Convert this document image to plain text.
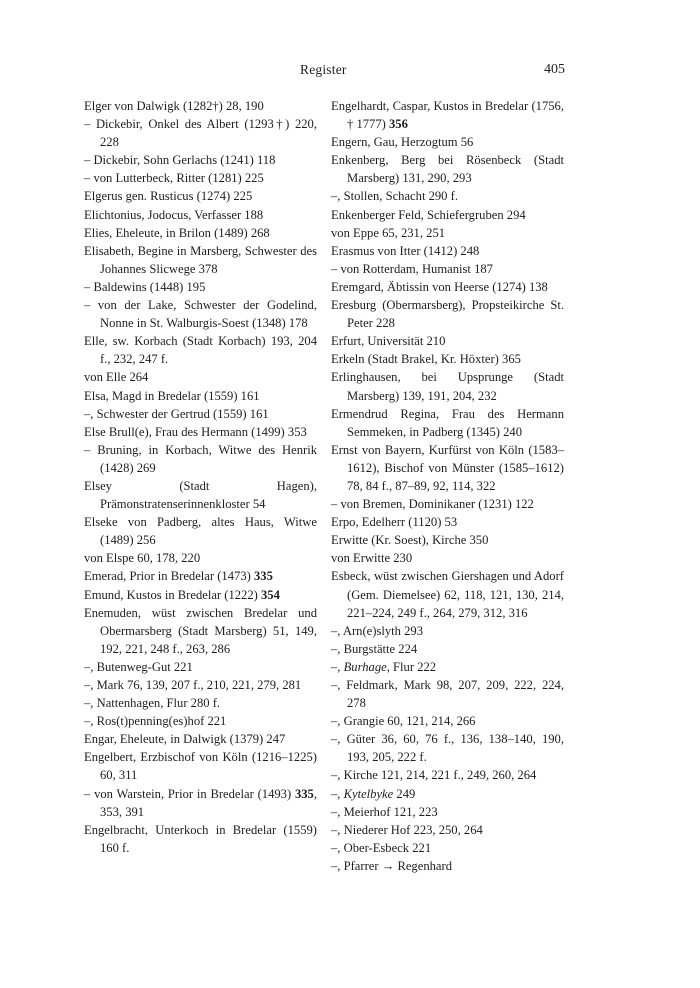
Register	405
Elger von Dalwigk (1282†) 28, 190
– Dickebir, Onkel des Albert (1293†) 220, 228
– Dickebir, Sohn Gerlachs (1241) 118
– von Lutterbeck, Ritter (1281) 225
Elgerus gen. Rusticus (1274) 225
Elichtonius, Jodocus, Verfasser 188
Elies, Eheleute, in Brilon (1489) 268
Elisabeth, Begine in Marsberg, Schwester des Johannes Slicwege 378
– Baldewins (1448) 195
– von der Lake, Schwester der Godelind, Nonne in St. Walburgis-Soest (1348) 178
Elle, sw. Korbach (Stadt Korbach) 193, 204 f., 232, 247 f.
von Elle 264
Elsa, Magd in Bredelar (1559) 161
–, Schwester der Gertrud (1559) 161
Else Brull(e), Frau des Hermann (1499) 353
– Bruning, in Korbach, Witwe des Henrik (1428) 269
Elsey (Stadt Hagen), Prämonstratenserinnenkloster 54
Elseke von Padberg, altes Haus, Witwe (1489) 256
von Elspe 60, 178, 220
Emerad, Prior in Bredelar (1473) 335
Emund, Kustos in Bredelar (1222) 354
Enemuden, wüst zwischen Bredelar und Obermarsberg (Stadt Marsberg) 51, 149, 192, 221, 248 f., 263, 286
–, Butenweg-Gut 221
–, Mark 76, 139, 207 f., 210, 221, 279, 281
–, Nattenhagen, Flur 280 f.
–, Ros(t)penning(es)hof 221
Engar, Eheleute, in Dalwigk (1379) 247
Engelbert, Erzbischof von Köln (1216–1225) 60, 311
– von Warstein, Prior in Bredelar (1493) 335, 353, 391
Engelbracht, Unterkoch in Bredelar (1559) 160 f.
Engelhardt, Caspar, Kustos in Bredelar (1756, † 1777) 356
Engern, Gau, Herzogtum 56
Enkenberg, Berg bei Rösenbeck (Stadt Marsberg) 131, 290, 293
–, Stollen, Schacht 290 f.
Enkenberger Feld, Schiefergruben 294
von Eppe 65, 231, 251
Erasmus von Itter (1412) 248
– von Rotterdam, Humanist 187
Eremgard, Äbtissin von Heerse (1274) 138
Eresburg (Obermarsberg), Propsteikirche St. Peter 228
Erfurt, Universität 210
Erkeln (Stadt Brakel, Kr. Höxter) 365
Erlinghausen, bei Upsprunge (Stadt Marsberg) 139, 191, 204, 232
Ermendrud Regina, Frau des Hermann Semmeken, in Padberg (1345) 240
Ernst von Bayern, Kurfürst von Köln (1583–1612), Bischof von Münster (1585–1612) 78, 84 f., 87–89, 92, 114, 322
– von Bremen, Dominikaner (1231) 122
Erpo, Edelherr (1120) 53
Erwitte (Kr. Soest), Kirche 350
von Erwitte 230
Esbeck, wüst zwischen Giershagen und Adorf (Gem. Diemelsee) 62, 118, 121, 130, 214, 221–224, 249 f., 264, 279, 312, 316
–, Arn(e)slyth 293
–, Burgstätte 224
–, Burhage, Flur 222
–, Feldmark, Mark 98, 207, 209, 222, 224, 278
–, Grangie 60, 121, 214, 266
–, Güter 36, 60, 76 f., 136, 138–140, 190, 193, 205, 222 f.
–, Kirche 121, 214, 221 f., 249, 260, 264
–, Kytelbyke 249
–, Meierhof 121, 223
–, Niederer Hof 223, 250, 264
–, Ober-Esbeck 221
–, Pfarrer → Regenhard
